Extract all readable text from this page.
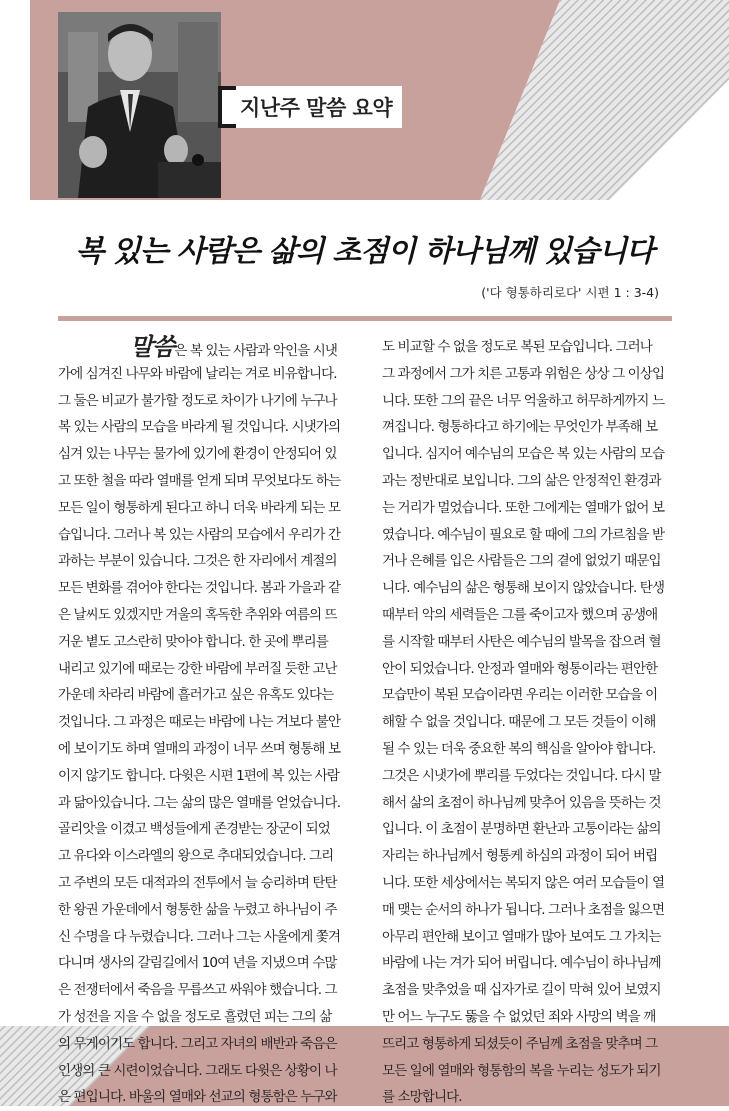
지난주 말씀 요약
복 있는 사람은 삶의 초점이 하나님께 있습니다
('다 형통하리로다' 시편 1 : 3-4)
말씀은 복 있는 사람과 악인을 시냇
가에 심겨진 나무와 바람에 날리는 겨로 비유합니다.
그 둘은 비교가 불가할 정도로 차이가 나기에 누구나
복 있는 사람의 모습을 바라게 될 것입니다. 시냇가의
심겨 있는 나무는 물가에 있기에 환경이 안정되어 있
고 또한 철을 따라 열매를 얻게 되며 무엇보다도 하는
모든 일이 형통하게 된다고 하니 더욱 바라게 되는 모
습입니다. 그러나 복 있는 사람의 모습에서 우리가 간
과하는 부분이 있습니다. 그것은 한 자리에서 계절의
모든 변화를 겪어야 한다는 것입니다. 봄과 가을과 같
은 날씨도 있겠지만 겨울의 혹독한 추위와 여름의 뜨
거운 볕도 고스란히 맞아야 합니다. 한 곳에 뿌리를
내리고 있기에 때로는 강한 바람에 부러질 듯한 고난
가운데 차라리 바람에 흘러가고 싶은 유혹도 있다는
것입니다. 그 과정은 때로는 바람에 나는 겨보다 불안
에 보이기도 하며 열매의 과정이 너무 쓰며 형통해 보
이지 않기도 합니다. 다윗은 시편 1편에 복 있는 사람
과 닮아있습니다. 그는 삶의 많은 열매를 얻었습니다.
골리앗을 이겼고 백성들에게 존경받는 장군이 되었
고 유다와 이스라엘의 왕으로 추대되었습니다. 그리
고 주변의 모든 대적과의 전투에서 늘 승리하며 탄탄
한 왕권 가운데에서 형통한 삶을 누렸고 하나님이 주
신 수명을 다 누렸습니다. 그러나 그는 사울에게 쫓겨
다니며 생사의 갈림길에서 10여 년을 지냈으며 수많
은 전쟁터에서 죽음을 무릅쓰고 싸워야 했습니다. 그
가 성전을 지을 수 없을 정도로 흘렸던 피는 그의 삶
의 무게이기도 합니다. 그리고 자녀의 배반과 죽음은
인생의 큰 시련이었습니다. 그래도 다윗은 상황이 나
은 편입니다. 바울의 열매와 선교의 형통함은 누구와
도 비교할 수 없을 정도로 복된 모습입니다. 그러나
그 과정에서 그가 치른 고통과 위험은 상상 그 이상입
니다. 또한 그의 끝은 너무 억울하고 허무하게까지 느
껴집니다. 형통하다고 하기에는 무엇인가 부족해 보
입니다. 심지어 예수님의 모습은 복 있는 사람의 모습
과는 정반대로 보입니다. 그의 삶은 안정적인 환경과
는 거리가 멀었습니다. 또한 그에게는 열매가 없어 보
였습니다. 예수님이 필요로 할 때에 그의 가르침을 받
거나 은혜를 입은 사람들은 그의 곁에 없었기 때문입
니다. 예수님의 삶은 형통해 보이지 않았습니다. 탄생
때부터 악의 세력들은 그를 죽이고자 했으며 공생애
를 시작할 때부터 사탄은 예수님의 발목을 잡으려 혈
안이 되었습니다. 안정과 열매와 형통이라는 편안한
모습만이 복된 모습이라면 우리는 이러한 모습을 이
해할 수 없을 것입니다. 때문에 그 모든 것들이 이해
될 수 있는 더욱 중요한 복의 핵심을 알아야 합니다.
그것은 시냇가에 뿌리를 두었다는 것입니다. 다시 말
해서 삶의 초점이 하나님께 맞추어 있음을 뜻하는 것
입니다. 이 초점이 분명하면 환난과 고통이라는 삶의
자리는 하나님께서 형통케 하심의 과정이 되어 버립
니다. 또한 세상에서는 복되지 않은 여러 모습들이 열
매 맺는 순서의 하나가 됩니다. 그러나 초점을 잃으면
아무리 편안해 보이고 열매가 많아 보여도 그 가치는
바람에 나는 겨가 되어 버립니다. 예수님이 하나님께
초점을 맞추었을 때 십자가로 길이 막혀 있어 보였지
만 어느 누구도 뚫을 수 없었던 죄와 사망의 벽을 깨
뜨리고 형통하게 되셨듯이 주님께 초점을 맞추며 그
모든 일에 열매와 형통함의 복을 누리는 성도가 되기
를 소망합니다.
